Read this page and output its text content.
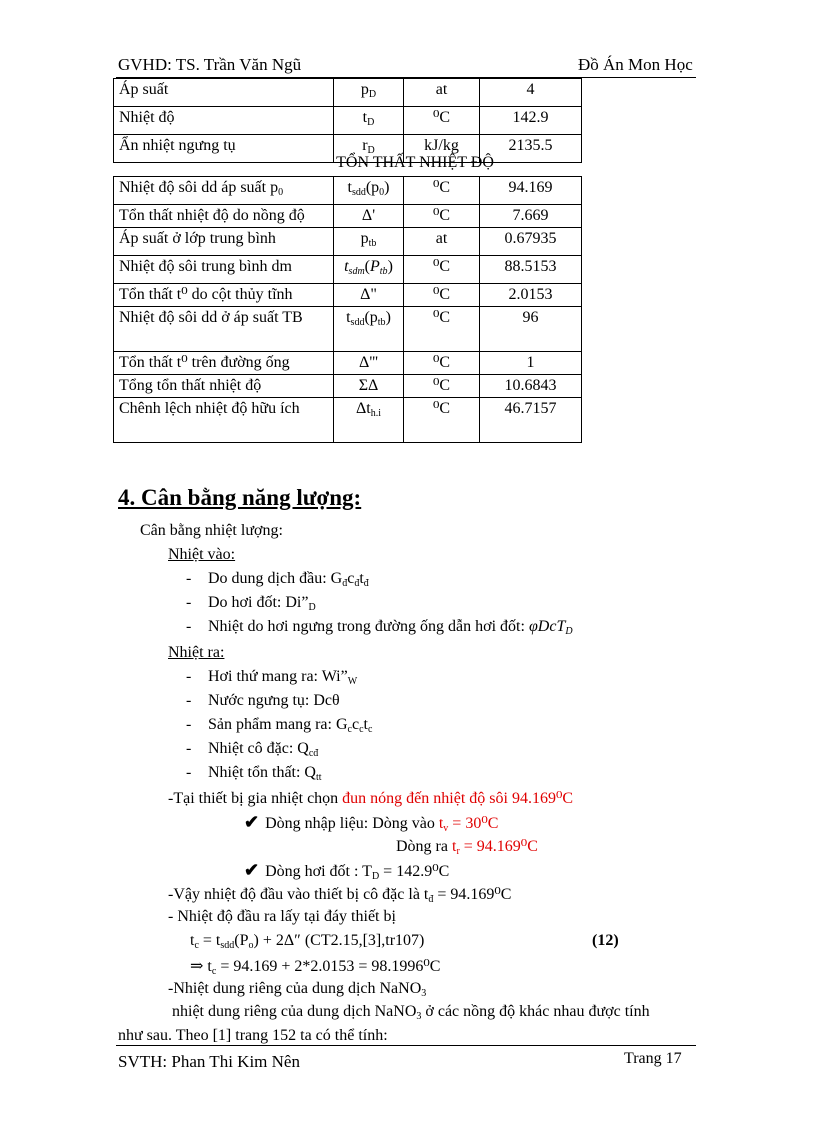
GVHD: TS. Trần Văn Ngũ	Đồ Án Mon Học
Áp suất	$p_D$	at	4
Nhiệt độ	$t_D$	⁰C	142.9
Ẩn nhiệt ngưng tụ	$r_D$	kJ/kg	2135.5
TỔN THẤT NHIỆT ĐỘ
Nhiệt độ sôi dd áp suất $p_0$	$t_{sdd}(p_0)$	⁰C	94.169
Tổn thất nhiệt độ do nồng độ	Δ'	⁰C	7.669
Áp suất ở lớp trung bình	$p_{tb}$	at	0.67935
Nhiệt độ sôi trung bình dm	$t_{sdm}(P_{tb})$	⁰C	88.5153
Tổn thất t⁰ do cột thủy tĩnh	Δ"	⁰C	2.0153
Nhiệt độ sôi dd ở áp suất TB	$t_{sdd}(p_{tb})$	⁰C	96
Tổn thất t⁰ trên đường ống	Δ'''	⁰C	1
Tổng tổn thất nhiệt độ	ΣΔ	⁰C	10.6843
Chênh lệch nhiệt độ hữu ích	$\Delta t_{h.i}$	⁰C	46.7157
4. Cân bằng năng lượng:
Cân bằng nhiệt lượng:
Nhiệt vào:
- Do dung dịch đầu: $G_đc_đt_đ$
- Do hơi đốt: $Di”_D$
- Nhiệt do hơi ngưng trong đường ống dẫn hơi đốt: φDcT$_D$
Nhiệt ra:
- Hơi thứ mang ra: $Wi”_W$
- Nước ngưng tụ: Dcθ
- Sản phẩm mang ra: $G_cc_ct_c$
- Nhiệt cô đặc: $Q_{cđ}$
- Nhiệt tổn thất: $Q_{tt}$
-Tại thiết bị gia nhiệt chọn đun nóng đến nhiệt độ sôi 94.169⁰C
✔ Dòng nhập liệu: Dòng vào $t_v = 30^0C$
Dòng ra $t_r = 94.169^0C$
✔ Dòng hơi đốt : $T_D = 142.9^0C$
-Vậy nhiệt độ đầu vào thiết bị cô đặc là $t_đ = 94.169^0C$
- Nhiệt độ đầu ra lấy tại đáy thiết bị
$t_c = t_{sdd}(P_o) + 2\Delta''$ (CT2.15,[3],tr107)	(12)
⇒ $t_c = 94.169 + 2*2.0153 = 98.1996^0C$
-Nhiệt dung riêng của dung dịch NaNO$_3$
nhiệt dung riêng của dung dịch NaNO$_3$ ở các nồng độ khác nhau được tính
như sau. Theo [1] trang 152 ta có thể tính:
SVTH: Phan Thi Kim Nên	Trang 17
